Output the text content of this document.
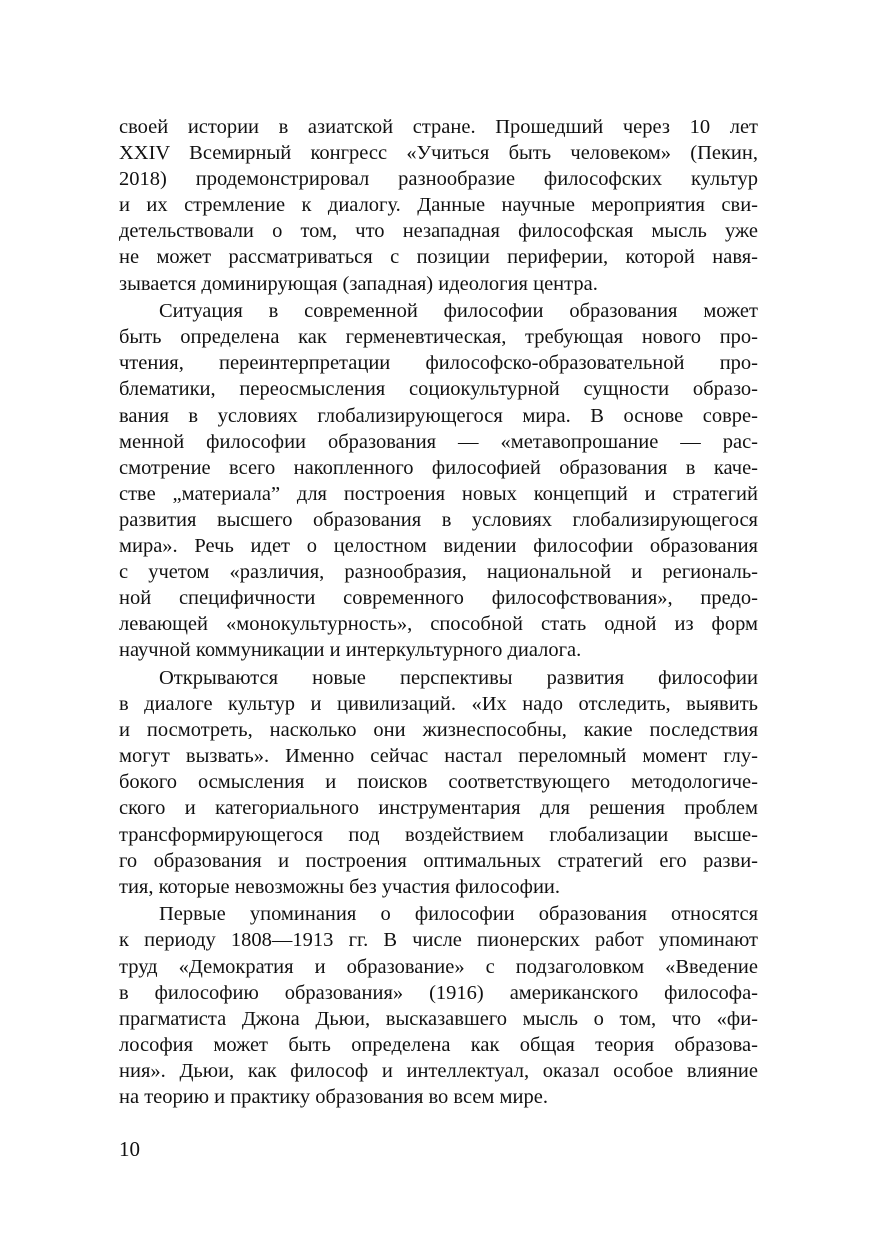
своей истории в азиатской стране. Прошедший через 10 лет
XXIV Всемирный конгресс «Учиться быть человеком» (Пекин,
2018) продемонстрировал разнообразие философских культур
и их стремление к диалогу. Данные научные мероприятия сви-
детельствовали о том, что незападная философская мысль уже
не может рассматриваться с позиции периферии, которой навя-
зывается доминирующая (западная) идеология центра.
Ситуация в современной философии образования может
быть определена как герменевтическая, требующая нового про-
чтения, переинтерпретации философско-образовательной про-
блематики, переосмысления социокультурной сущности образо-
вания в условиях глобализирующегося мира. В основе совре-
менной философии образования — «метавопрошание — рас-
смотрение всего накопленного философией образования в каче-
стве „материала” для построения новых концепций и стратегий
развития высшего образования в условиях глобализирующегося
мира». Речь идет о целостном видении философии образования
с учетом «различия, разнообразия, национальной и региональ-
ной специфичности современного философствования», предо-
левающей «монокультурность», способной стать одной из форм
научной коммуникации и интеркультурного диалога.
Открываются новые перспективы развития философии
в диалоге культур и цивилизаций. «Их надо отследить, выявить
и посмотреть, насколько они жизнеспособны, какие последствия
могут вызвать». Именно сейчас настал переломный момент глу-
бокого осмысления и поисков соответствующего методологиче-
ского и категориального инструментария для решения проблем
трансформирующегося под воздействием глобализации высше-
го образования и построения оптимальных стратегий его разви-
тия, которые невозможны без участия философии.
Первые упоминания о философии образования относятся
к периоду 1808—1913 гг. В числе пионерских работ упоминают
труд «Демократия и образование» с подзаголовком «Введение
в философию образования» (1916) американского философа-
прагматиста Джона Дьюи, высказавшего мысль о том, что «фи-
лософия может быть определена как общая теория образова-
ния». Дьюи, как философ и интеллектуал, оказал особое влияние
на теорию и практику образования во всем мире.
10
